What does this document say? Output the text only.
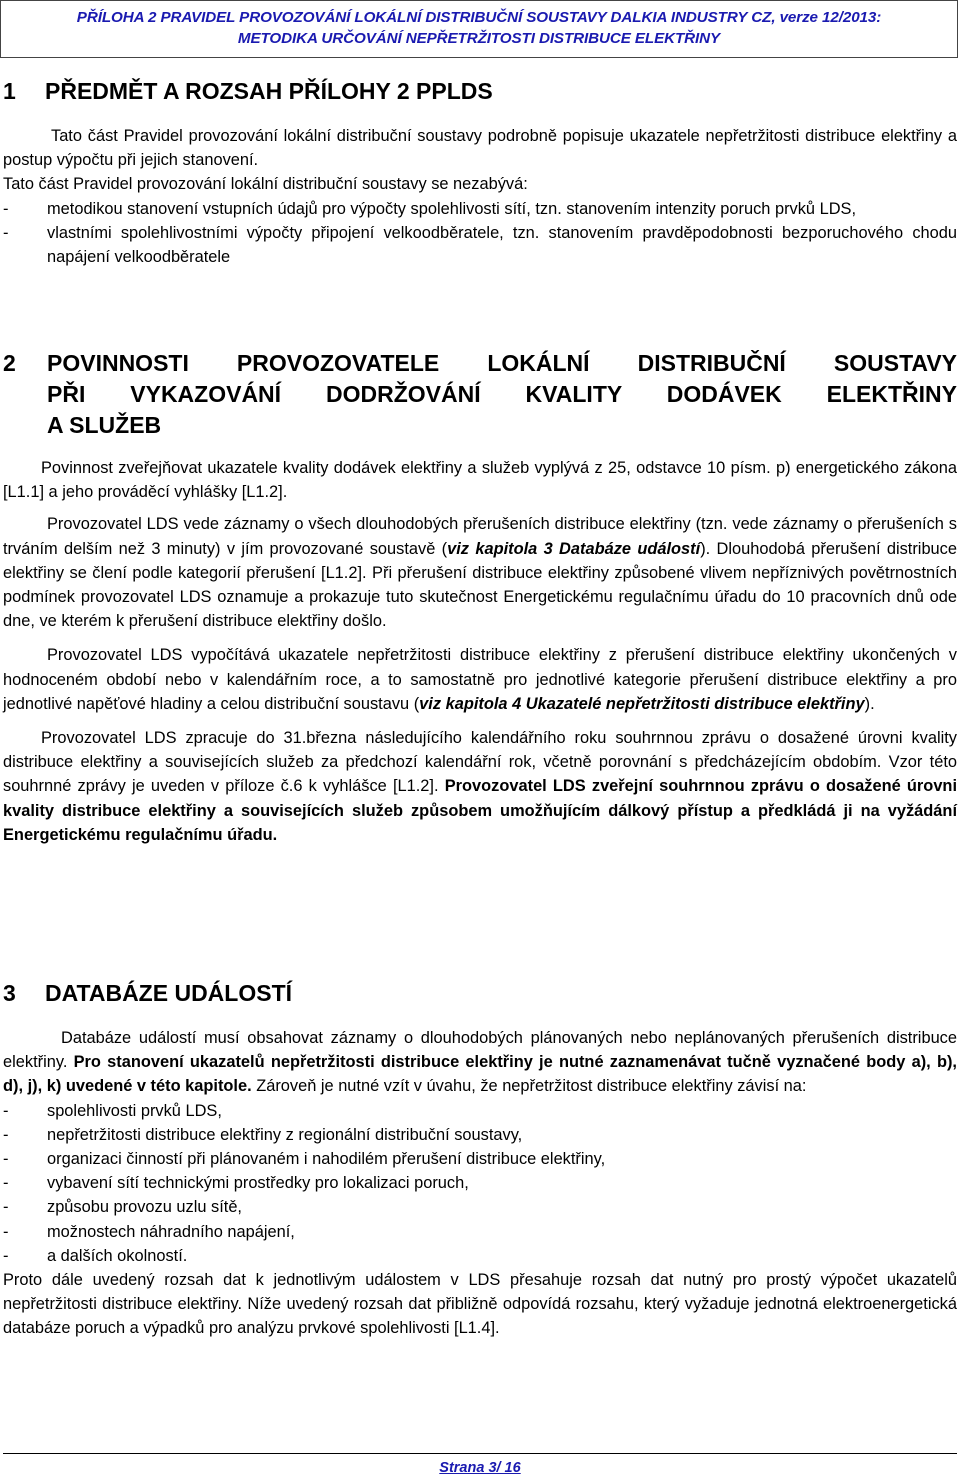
PŘÍLOHA 2 PRAVIDEL PROVOZOVÁNÍ LOKÁLNÍ DISTRIBUČNÍ SOUSTAVY DALKIA INDUSTRY CZ, verze 12/2013:
METODIKA URČOVÁNÍ NEPŘETRŽITOSTI DISTRIBUCE ELEKTŘINY
1	PŘEDMĚT A ROZSAH PŘÍLOHY 2 PPLDS

Tato část Pravidel provozování lokální distribuční soustavy podrobně popisuje ukazatele nepřetržitosti distribuce elektřiny a postup výpočtu při jejich stanovení.

Tato část Pravidel provozování lokální distribuční soustavy se nezabývá:

-	metodikou stanovení vstupních údajů pro výpočty spolehlivosti sítí, tzn. stanovením intenzity poruch prvků LDS,
-	vlastními spolehlivostními výpočty připojení velkoodběratele, tzn. stanovením pravděpodobnosti bezporuchového chodu napájení velkoodběratele
2	POVINNOSTI PROVOZOVATELE LOKÁLNÍ DISTRIBUČNÍ SOUSTAVY
PŘI VYKAZOVÁNÍ DODRŽOVÁNÍ KVALITY DODÁVEK ELEKTŘINY
A SLUŽEB

Povinnost zveřejňovat ukazatele kvality dodávek elektřiny a služeb vyplývá z 25, odstavce 10 písm. p) energetického zákona [L1.1] a jeho prováděcí vyhlášky [L1.2].

Provozovatel LDS vede záznamy o všech dlouhodobých přerušeních distribuce elektřiny (tzn. vede záznamy o přerušeních s trváním delším než 3 minuty) v jím provozované soustavě (viz kapitola 3 Databáze událostí). Dlouhodobá přerušení distribuce elektřiny se člení podle kategorií přerušení [L1.2]. Při přerušení distribuce elektřiny způsobené vlivem nepříznivých povětrnostních podmínek provozovatel LDS oznamuje a prokazuje tuto skutečnost Energetickému regulačnímu úřadu do 10 pracovních dnů ode dne, ve kterém k přerušení distribuce elektřiny došlo.

Provozovatel LDS vypočítává ukazatele nepřetržitosti distribuce elektřiny z přerušení distribuce elektřiny ukončených v hodnoceném období nebo v kalendářním roce, a to samostatně pro jednotlivé kategorie přerušení distribuce elektřiny a pro jednotlivé napěťové hladiny a celou distribuční soustavu (viz kapitola 4 Ukazatelé nepřetržitosti distribuce elektřiny).

Provozovatel LDS zpracuje do 31.března následujícího kalendářního roku souhrnnou zprávu o dosažené úrovni kvality distribuce elektřiny a souvisejících služeb za předchozí kalendářní rok, včetně porovnání s předcházejícím obdobím. Vzor této souhrnné zprávy je uveden v příloze č.6 k vyhlášce [L1.2]. Provozovatel LDS zveřejní souhrnnou zprávu o dosažené úrovni kvality distribuce elektřiny a souvisejících služeb způsobem umožňujícím dálkový přístup a předkládá ji na vyžádání Energetickému regulačnímu úřadu.

3	DATABÁZE UDÁLOSTÍ

Databáze událostí musí obsahovat záznamy o dlouhodobých plánovaných nebo neplánovaných přerušeních distribuce elektřiny. Pro stanovení ukazatelů nepřetržitosti distribuce elektřiny je nutné zaznamenávat tučně vyznačené body a), b), d), j), k) uvedené v této kapitole. Zároveň je nutné vzít v úvahu, že nepřetržitost distribuce elektřiny závisí na:

-	spolehlivosti prvků LDS,
-	nepřetržitosti distribuce elektřiny z regionální distribuční soustavy,
-	organizaci činností při plánovaném i nahodilém přerušení distribuce elektřiny,
-	vybavení sítí technickými prostředky pro lokalizaci poruch,
-	způsobu provozu uzlu sítě,
-	možnostech náhradního napájení,
-	a dalších okolností.

Proto dále uvedený rozsah dat k jednotlivým událostem v LDS přesahuje rozsah dat nutný pro prostý výpočet ukazatelů nepřetržitosti distribuce elektřiny. Níže uvedený rozsah dat přibližně odpovídá rozsahu, který vyžaduje jednotná elektroenergetická databáze poruch a výpadků pro analýzu prvkové spolehlivosti [L1.4].

Strana 3/ 16
